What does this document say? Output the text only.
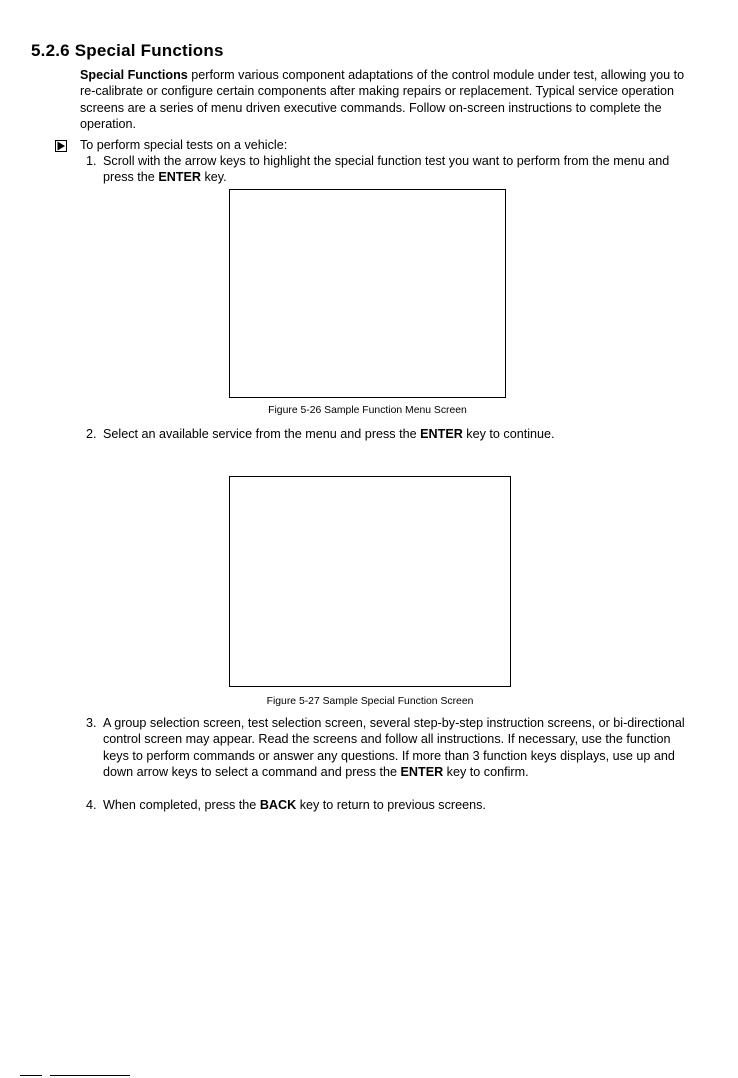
5.2.6 Special Functions
Special Functions perform various component adaptations of the control module under test, allowing you to re-calibrate or configure certain components after making repairs or replacement. Typical service operation screens are a series of menu driven executive commands. Follow on-screen instructions to complete the operation.
To perform special tests on a vehicle:
1. Scroll with the arrow keys to highlight the special function test you want to perform from the menu and press the ENTER key.
Figure 5-26 Sample Function Menu Screen
2. Select an available service from the menu and press the ENTER key to continue.
Figure 5-27 Sample Special Function Screen
3. A group selection screen, test selection screen, several step-by-step instruction screens, or bi-directional control screen may appear. Read the screens and follow all instructions. If necessary, use the function keys to perform commands or answer any questions. If more than 3 function keys displays, use up and down arrow keys to select a command and press the ENTER key to confirm.
4. When completed, press the BACK key to return to previous screens.
